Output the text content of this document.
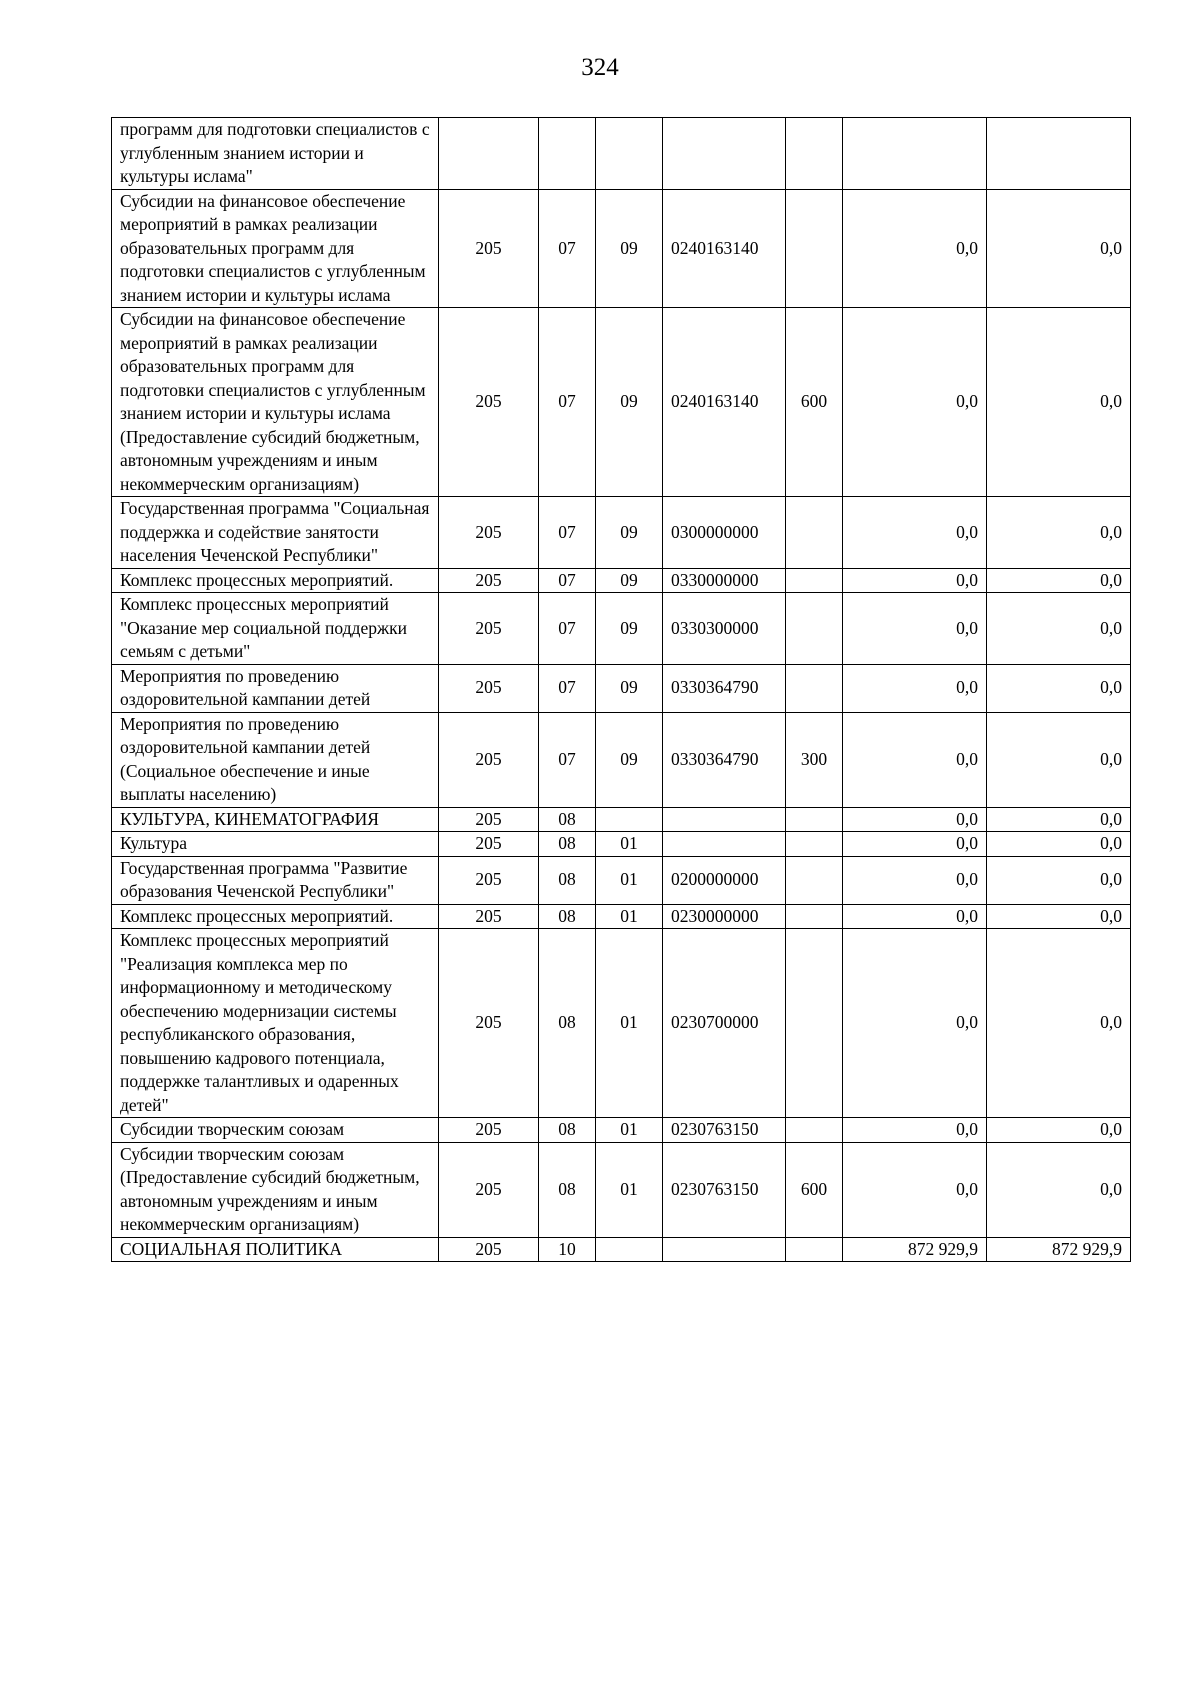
324
программ для подготовки специалистов с углубленным знанием истории и культуры ислама"							
Субсидии на финансовое обеспечение мероприятий в рамках реализации образовательных программ для подготовки специалистов с углубленным знанием истории и культуры ислама	205	07	09	0240163140		0,0	0,0
Субсидии на финансовое обеспечение мероприятий в рамках реализации образовательных программ для подготовки специалистов с углубленным знанием истории и культуры ислама (Предоставление субсидий бюджетным, автономным учреждениям и иным некоммерческим организациям)	205	07	09	0240163140	600	0,0	0,0
Государственная программа "Социальная поддержка и содействие занятости населения Чеченской Республики"	205	07	09	0300000000		0,0	0,0
Комплекс процессных мероприятий.	205	07	09	0330000000		0,0	0,0
Комплекс процессных мероприятий "Оказание мер социальной поддержки семьям с детьми"	205	07	09	0330300000		0,0	0,0
Мероприятия по проведению оздоровительной кампании детей	205	07	09	0330364790		0,0	0,0
Мероприятия по проведению оздоровительной кампании детей (Социальное обеспечение и иные выплаты населению)	205	07	09	0330364790	300	0,0	0,0
КУЛЬТУРА, КИНЕМАТОГРАФИЯ	205	08				0,0	0,0
Культура	205	08	01			0,0	0,0
Государственная программа "Развитие образования Чеченской Республики"	205	08	01	0200000000		0,0	0,0
Комплекс процессных мероприятий.	205	08	01	0230000000		0,0	0,0
Комплекс процессных мероприятий "Реализация комплекса мер по информационному и методическому обеспечению модернизации системы республиканского образования, повышению кадрового потенциала, поддержке талантливых и одаренных детей"	205	08	01	0230700000		0,0	0,0
Субсидии творческим союзам	205	08	01	0230763150		0,0	0,0
Субсидии творческим союзам (Предоставление субсидий бюджетным, автономным учреждениям и иным некоммерческим организациям)	205	08	01	0230763150	600	0,0	0,0
СОЦИАЛЬНАЯ ПОЛИТИКА	205	10				872 929,9	872 929,9
